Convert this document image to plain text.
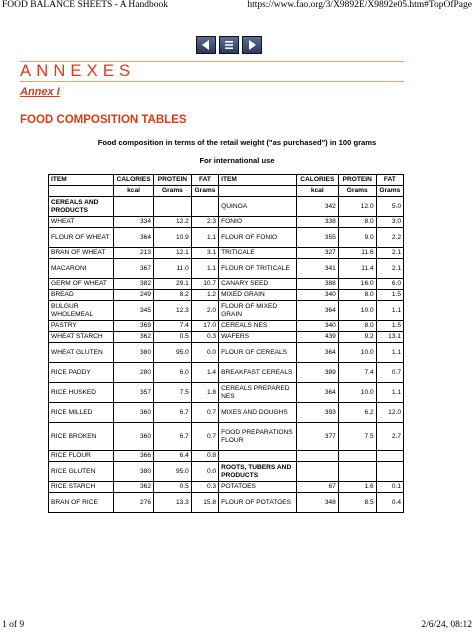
FOOD BALANCE SHEETS - A Handbook	https://www.fao.org/3/X9892E/X9892e05.htm#TopOfPage
ANNEXES
Annex I
FOOD COMPOSITION TABLES
Food composition in terms of the retail weight ("as purchased") in 100 grams
For international use
ITEM	CALORIES	PROTEIN	FAT	ITEM	CALORIES	PROTEIN	FAT
	kcal	Grams	Grams		kcal	Grams	Grams
CEREALS AND PRODUCTS				QUINOA	342	12.0	5.0
WHEAT	334	12.2	2.3	FONIO	338	8.0	3.0
FLOUR OF WHEAT	364	10.9	1.1	FLOUR OF FONIO	355	9.0	2.2
BRAN OF WHEAT	213	12.1	3.1	TRITICALE	327	11.6	2.1
MACARONI	367	11.0	1.1	FLOUR OF TRITICALE	341	11.4	2.1
GERM OF WHEAT	382	29.1	10.7	CANARY SEED	388	16.0	6.0
BREAD	249	8.2	1.2	MIXED GRAIN	340	8.0	1.5
BULGUR WHOLEMEAL	345	12.3	2.0	FLOUR OF MIXED GRAIN	364	10.0	1.1
PASTRY	369	7.4	17.0	CEREALS NES	340	8.0	1.5
WHEAT STARCH	362	0.5	0.3	WAFERS	439	9.2	13.1
WHEAT GLUTEN	380	95.0	0.0	FLOUR OF CEREALS	364	10.0	1.1
RICE PADDY	280	6.0	1.4	BREAKFAST CEREALS	389	7.4	0.7
RICE HUSKED	357	7.5	1.8	CEREALS PREPARED NES	364	10.0	1.1
RICE MILLED	360	6.7	0.7	MIXES AND DOUGHS	393	6.2	12.0
RICE BROKEN	360	6.7	0.7	FOOD PREPARATIONS FLOUR	377	7.5	2.7
RICE FLOUR	366	6.4	0.8				
RICE GLUTEN	380	95.0	0.0	ROOTS, TUBERS AND PRODUCTS			
RICE STARCH	362	0.5	0.3	POTATOES	67	1.6	0.1
BRAN OF RICE	276	13.3	15.8	FLOUR OF POTATOES	348	8.5	0.4
1 of 9	2/6/24, 08:12
